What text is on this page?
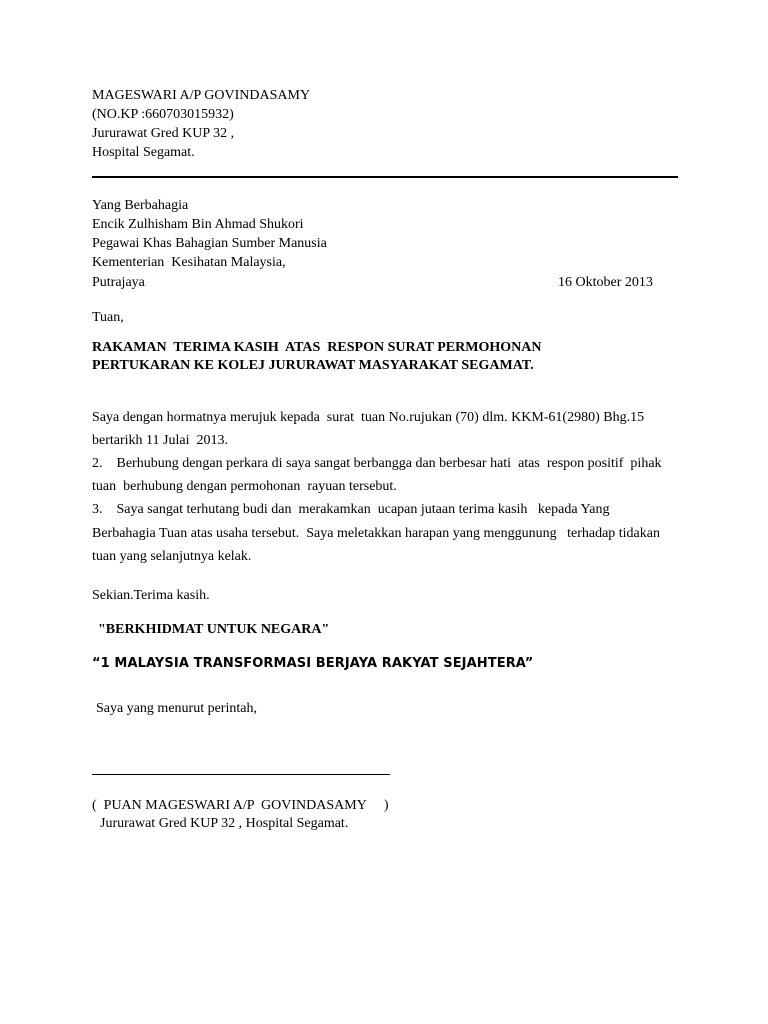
MAGESWARI A/P GOVINDASAMY
(NO.KP :660703015932)
Jururawat Gred KUP 32 ,
Hospital Segamat.
Yang Berbahagia
Encik Zulhisham Bin Ahmad Shukori
Pegawai Khas Bahagian Sumber Manusia
Kementerian  Kesihatan Malaysia,
Putrajaya	16 Oktober 2013
Tuan,
RAKAMAN  TERIMA KASIH  ATAS  RESPON SURAT PERMOHONAN
PERTUKARAN KE KOLEJ JURURAWAT MASYARAKAT SEGAMAT.
Saya dengan hormatnya merujuk kepada  surat  tuan No.rujukan (70) dlm. KKM-61(2980) Bhg.15
bertarikh 11 Julai  2013.
2.    Berhubung dengan perkara di saya sangat berbangga dan berbesar hati  atas  respon positif  pihak
tuan  berhubung dengan permohonan  rayuan tersebut.
3.    Saya sangat terhutang budi dan  merakamkan  ucapan jutaan terima kasih   kepada Yang
Berbahagia Tuan atas usaha tersebut.  Saya meletakkan harapan yang menggunung   terhadap tidakan
tuan yang selanjutnya kelak.
Sekian.Terima kasih.
"BERKHIDMAT UNTUK NEGARA"
“1 MALAYSIA TRANSFORMASI BERJAYA RAKYAT SEJAHTERA”
Saya yang menurut perintah,
(  PUAN MAGESWARI A/P  GOVINDASAMY     )
Jururawat Gred KUP 32 , Hospital Segamat.
